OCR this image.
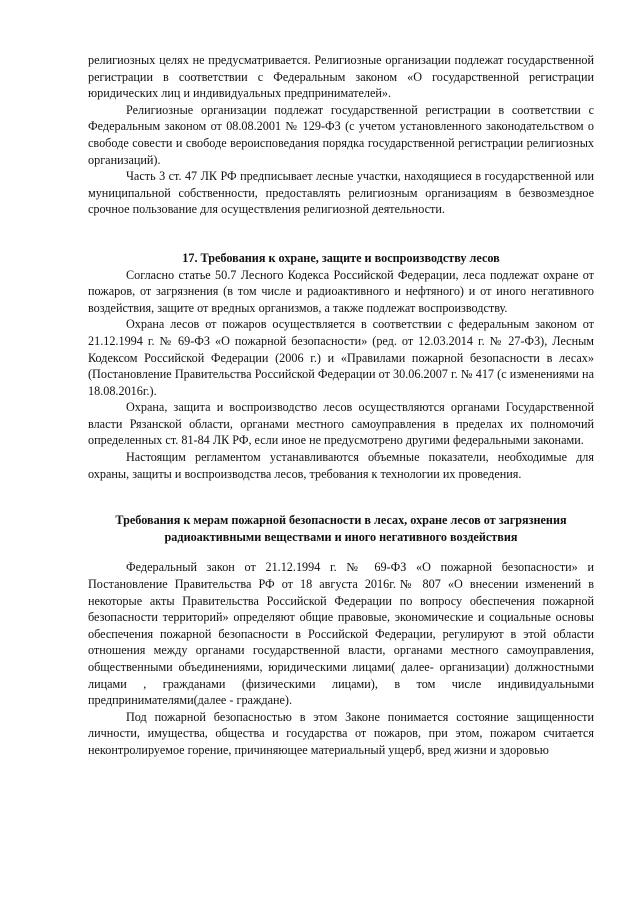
религиозных целях не предусматривается. Религиозные организации подлежат государственной регистрации в соответствии с Федеральным законом «О государственной регистрации юридических лиц и индивидуальных предпринимателей».

Религиозные организации подлежат государственной регистрации в соответствии с Федеральным законом от 08.08.2001 № 129-ФЗ (с учетом установленного законодательством о свободе совести и свободе вероисповедания порядка государственной регистрации религиозных организаций).

Часть 3 ст. 47 ЛК РФ предписывает лесные участки, находящиеся в государственной или муниципальной собственности, предоставлять религиозным организациям в безвозмездное срочное пользование для осуществления религиозной деятельности.

17. Требования к охране, защите и воспроизводству лесов

Согласно статье 50.7 Лесного Кодекса Российской Федерации, леса подлежат охране от пожаров, от загрязнения (в том числе и радиоактивного и нефтяного) и от иного негативного воздействия, защите от вредных организмов, а также подлежат воспроизводству.

Охрана лесов от пожаров осуществляется в соответствии с федеральным законом от 21.12.1994 г. № 69-ФЗ «О пожарной безопасности» (ред. от 12.03.2014 г. № 27-ФЗ), Лесным Кодексом Российской Федерации (2006 г.) и «Правилами пожарной безопасности в лесах» (Постановление Правительства Российской Федерации от 30.06.2007 г. № 417 (с изменениями на 18.08.2016г.).

Охрана, защита и воспроизводство лесов осуществляются органами Государственной власти Рязанской области, органами местного самоуправления в пределах их полномочий определенных ст. 81-84 ЛК РФ, если иное не предусмотрено другими федеральными законами.

Настоящим регламентом устанавливаются объемные показатели, необходимые для охраны, защиты и воспроизводства лесов, требования к технологии их проведения.

Требования к мерам пожарной безопасности в лесах, охране лесов от загрязнения радиоактивными веществами и иного негативного воздействия

Федеральный закон от 21.12.1994 г. № 69-ФЗ «О пожарной безопасности» и Постановление Правительства РФ от 18 августа 2016г.№ 807 «О внесении изменений в некоторые акты Правительства Российской Федерации по вопросу обеспечения пожарной безопасности территорий» определяют общие правовые, экономические и социальные основы обеспечения пожарной безопасности в Российской Федерации, регулируют в этой области отношения между органами государственной власти, органами местного самоуправления, общественными объединениями, юридическими лицами( далее- организации) должностными лицами , гражданами (физическими лицами), в том числе индивидуальными предпринимателями(далее - граждане).

Под пожарной безопасностью в этом Законе понимается состояние защищенности личности, имущества, общества и государства от пожаров, при этом, пожаром считается неконтролируемое горение, причиняющее материальный ущерб, вред жизни и здоровью
